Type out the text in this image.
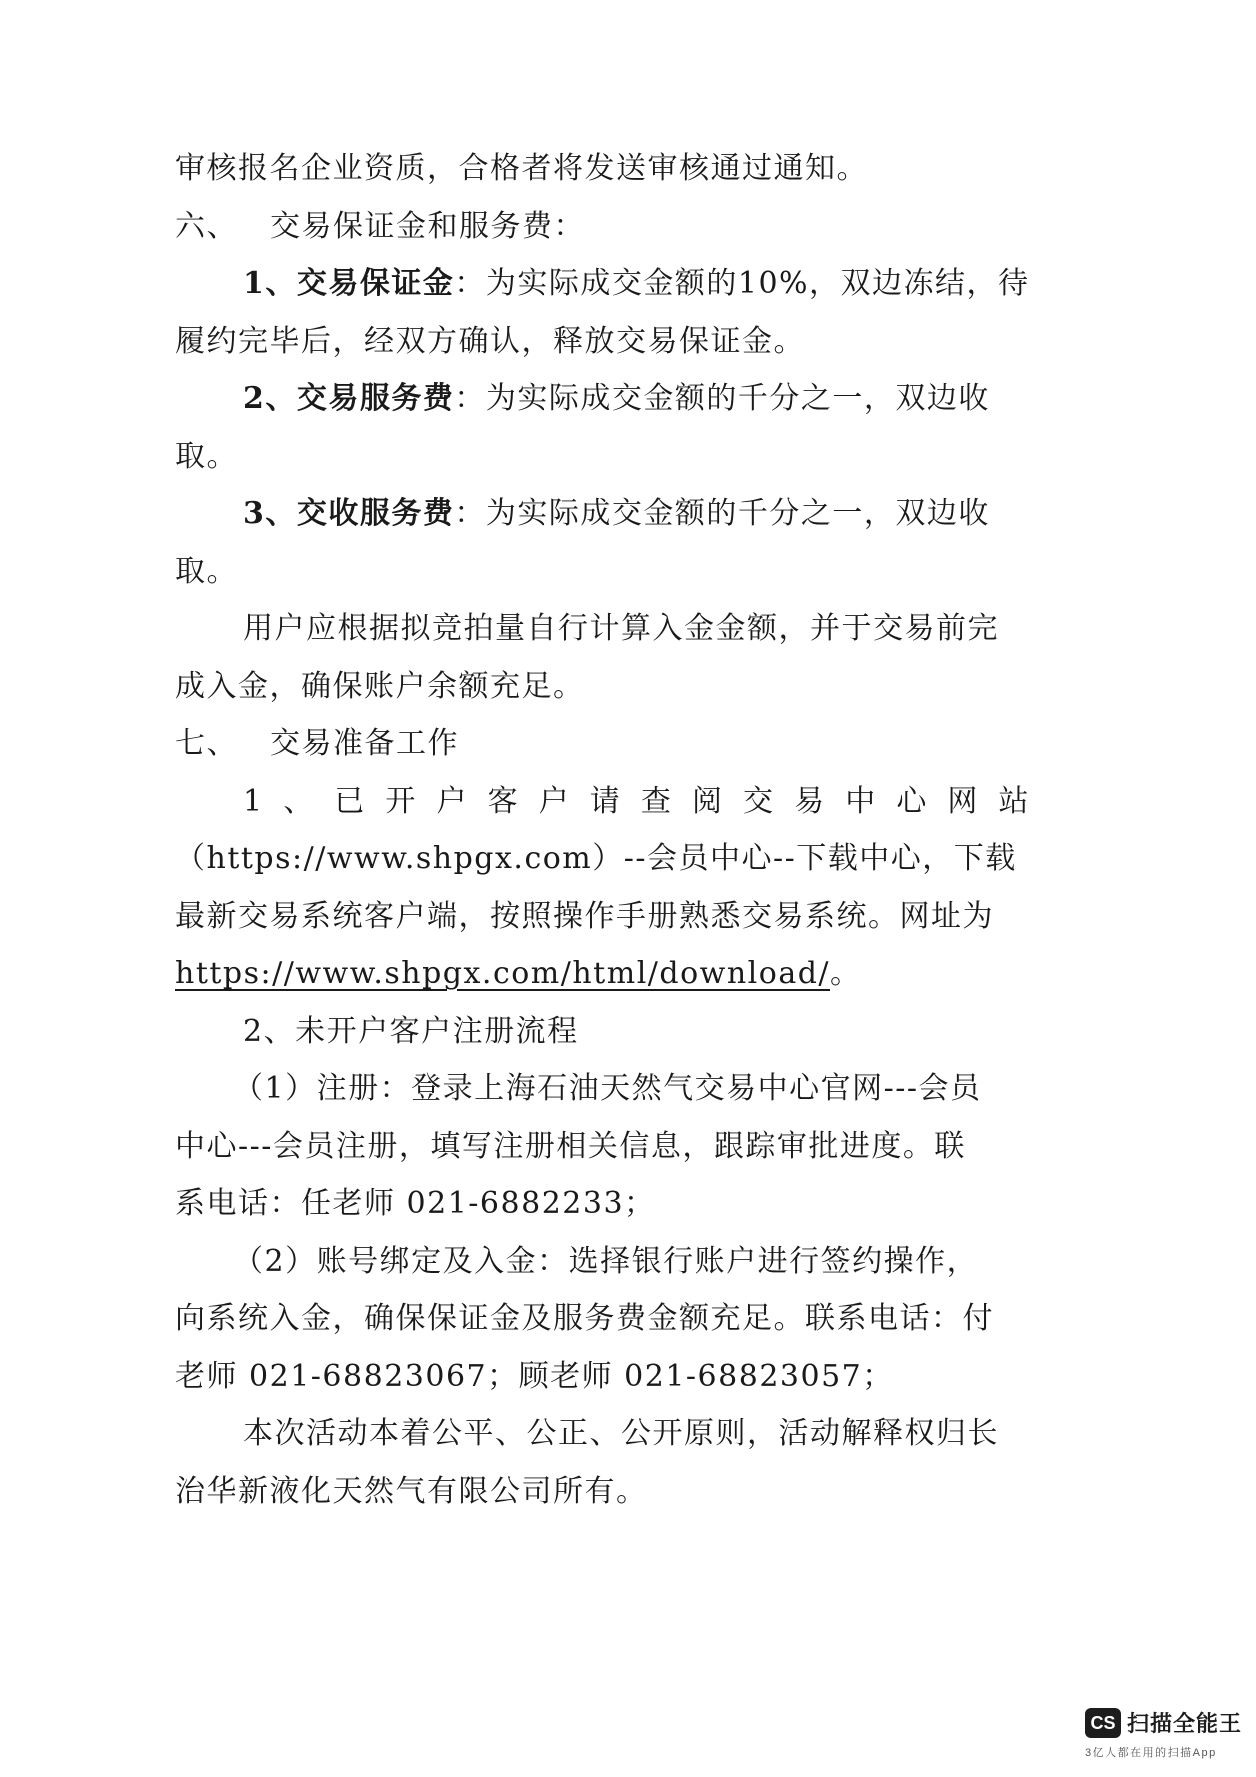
审核报名企业资质，合格者将发送审核通过通知。

六、 交易保证金和服务费：

1、交易保证金：为实际成交金额的10%，双边冻结，待

履约完毕后，经双方确认，释放交易保证金。

2、交易服务费：为实际成交金额的千分之一，双边收

取。

3、交收服务费：为实际成交金额的千分之一，双边收

取。

用户应根据拟竞拍量自行计算入金金额，并于交易前完

成入金，确保账户余额充足。

七、 交易准备工作

1 、 已 开 户 客 户 请 查 阅 交 易 中 心 网 站

（https://www.shpgx.com）--会员中心--下载中心，下载

最新交易系统客户端，按照操作手册熟悉交易系统。网址为

https://www.shpgx.com/html/download/。

2、未开户客户注册流程

（1）注册：登录上海石油天然气交易中心官网---会员

中心---会员注册，填写注册相关信息，跟踪审批进度。联

系电话：任老师 021-6882233；

（2）账号绑定及入金：选择银行账户进行签约操作，

向系统入金，确保保证金及服务费金额充足。联系电话：付

老师 021-68823067；顾老师 021-68823057；

本次活动本着公平、公正、公开原则，活动解释权归长

治华新液化天然气有限公司所有。

CS 扫描全能王
3亿人都在用的扫描App
